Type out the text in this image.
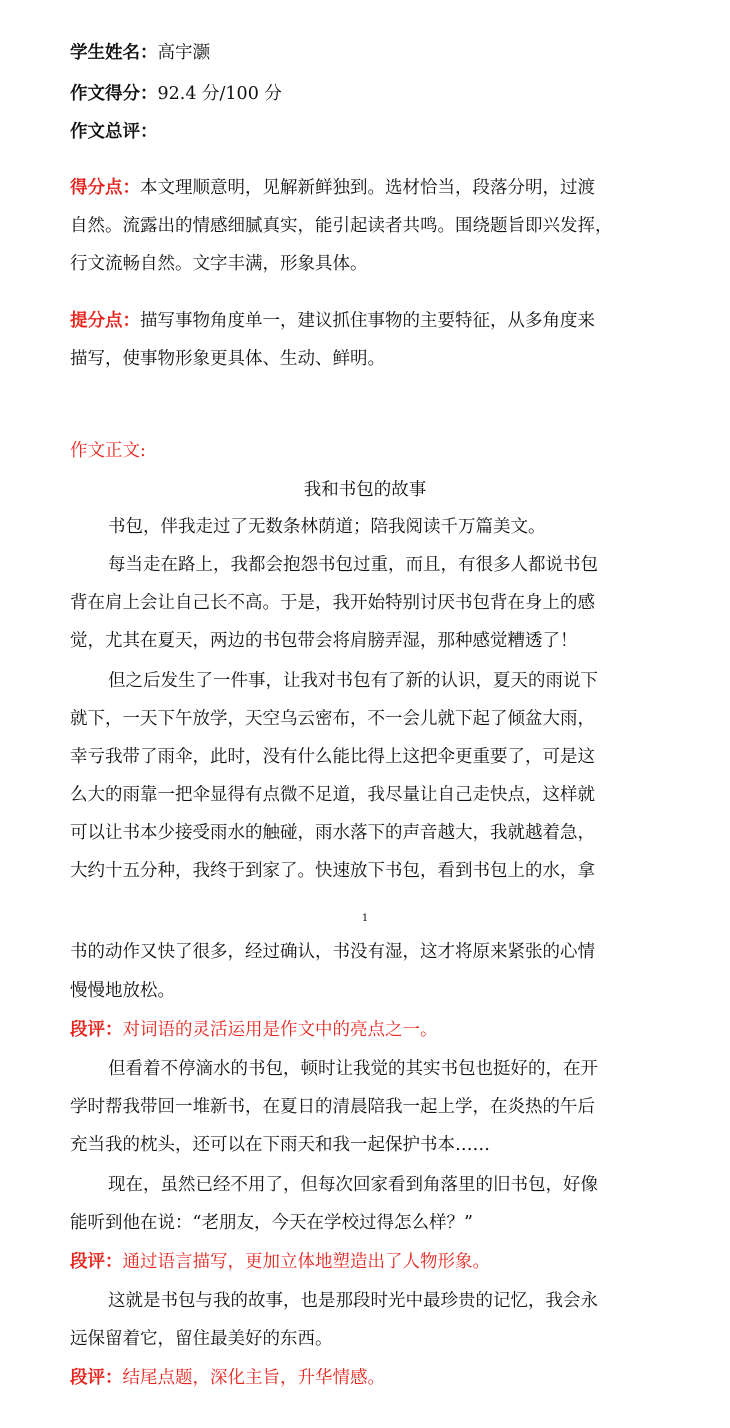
学生姓名：高宇灏
作文得分：92.4 分/100 分
作文总评：
得分点：本文理顺意明，见解新鲜独到。选材恰当，段落分明，过渡
自然。流露出的情感细腻真实，能引起读者共鸣。围绕题旨即兴发挥，
行文流畅自然。文字丰满，形象具体。
提分点：描写事物角度单一，建议抓住事物的主要特征，从多角度来
描写，使事物形象更具体、生动、鲜明。
作文正文:
我和书包的故事
书包，伴我走过了无数条林荫道；陪我阅读千万篇美文。
每当走在路上，我都会抱怨书包过重，而且，有很多人都说书包
背在肩上会让自己长不高。于是，我开始特别讨厌书包背在身上的感
觉，尤其在夏天，两边的书包带会将肩膀弄湿，那种感觉糟透了！
但之后发生了一件事，让我对书包有了新的认识，夏天的雨说下
就下，一天下午放学，天空乌云密布，不一会儿就下起了倾盆大雨，
幸亏我带了雨伞，此时，没有什么能比得上这把伞更重要了，可是这
么大的雨靠一把伞显得有点微不足道，我尽量让自己走快点，这样就
可以让书本少接受雨水的触碰，雨水落下的声音越大，我就越着急，
大约十五分种，我终于到家了。快速放下书包，看到书包上的水，拿
1
书的动作又快了很多，经过确认，书没有湿，这才将原来紧张的心情
慢慢地放松。
段评：对词语的灵活运用是作文中的亮点之一。
但看着不停滴水的书包，顿时让我觉的其实书包也挺好的，在开
学时帮我带回一堆新书，在夏日的清晨陪我一起上学，在炎热的午后
充当我的枕头，还可以在下雨天和我一起保护书本……
现在，虽然已经不用了，但每次回家看到角落里的旧书包，好像
能听到他在说：“老朋友，今天在学校过得怎么样？”
段评：通过语言描写，更加立体地塑造出了人物形象。
这就是书包与我的故事，也是那段时光中最珍贵的记忆，我会永
远保留着它，留住最美好的东西。
段评：结尾点题，深化主旨，升华情感。
